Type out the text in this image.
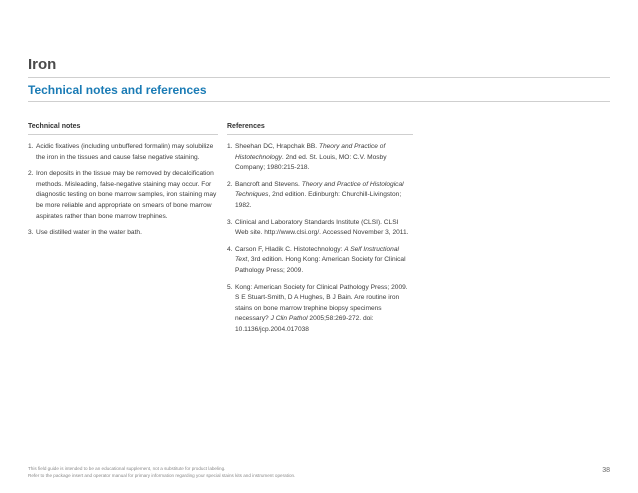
Iron
Technical notes and references
Technical notes
1. Acidic fixatives (including unbuffered formalin) may solubilize the iron in the tissues and cause false negative staining.
2. Iron deposits in the tissue may be removed by decalcification methods. Misleading, false-negative staining may occur. For diagnostic testing on bone marrow samples, iron staining may be more reliable and appropriate on smears of bone marrow aspirates rather than bone marrow trephines.
3. Use distilled water in the water bath.
References
1. Sheehan DC, Hrapchak BB. Theory and Practice of Histotechnology. 2nd ed. St. Louis, MO: C.V. Mosby Company; 1980:215-218.
2. Bancroft and Stevens. Theory and Practice of Histological Techniques, 2nd edition. Edinburgh: Churchill-Livingston; 1982.
3. Clinical and Laboratory Standards Institute (CLSI). CLSI Web site. http://www.clsi.org/. Accessed November 3, 2011.
4. Carson F, Hladik C. Histotechnology: A Self Instructional Text, 3rd edition. Hong Kong: American Society for Clinical Pathology Press; 2009.
5. Kong: American Society for Clinical Pathology Press; 2009. S E Stuart-Smith, D A Hughes, B J Bain. Are routine iron stains on bone marrow trephine biopsy specimens necessary? J Clin Pathol 2005;58:269-272. doi: 10.1136/jcp.2004.017038
This field guide is intended to be an educational supplement, not a substitute for product labeling.
Refer to the package insert and operator manual for primary information regarding your special stains kits and instrument operation.
38
